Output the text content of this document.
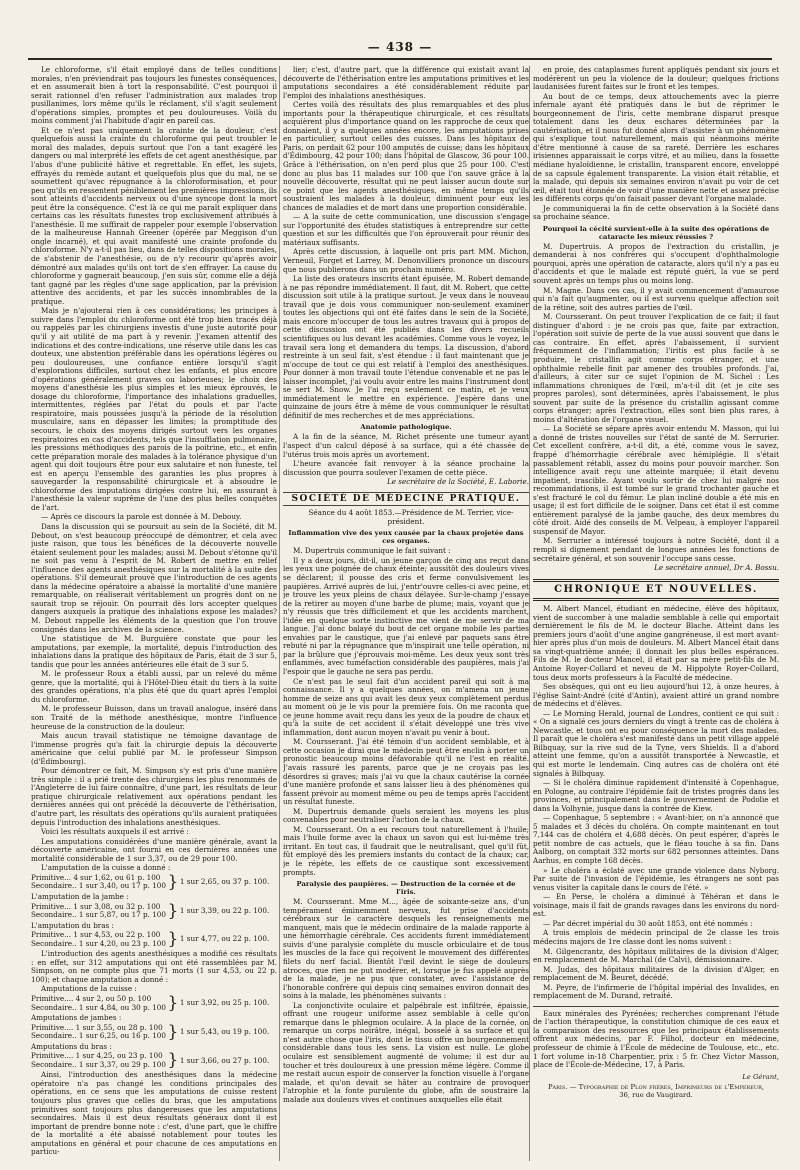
— 438 —

Le chloroforme, s'il était employé dans de telles conditions morales, n'en préviendrait pas toujours les funestes conséquences, et en assumerait bien à tort la responsabilité. C'est pourquoi il serait rationnel d'en refuser l'administration aux malades trop pusillanimes, lors même qu'ils le réclament, s'il s'agit seulement d'opérations simples, promptes et peu douloureuses. Voilà du moins comment j'ai l'habitude d'agir en pareil cas.

Et ce n'est pas uniquement la crainte de la douleur, c'est quelquefois aussi la crainte du chloroforme qui peut troubler le moral des malades, depuis surtout que l'on a tant exagéré les dangers ou mal interprété les effets de cet agent anesthésique, par l'abus d'une publicité hâtive et regrettable. En effet, les sujets, effrayés du remède autant et quelquefois plus que du mal, ne se soumettent qu'avec répugnance à la chloroformisation, et pour peu qu'ils en ressentent péniblement les premières impressions, ils sont atteints d'accidents nerveux ou d'une syncope dont la mort peut être la conséquence. C'est là ce qui me paraît expliquer dans certains cas les résultats funestes trop exclusivement attribués à l'anesthésie. Il me suffirait de rappeler pour exemple l'observation de la malheureuse Hannah Greener (opérée par Meggison d'un ongle incarné), et qui avait manifesté une crainte profonde du chloroforme. N'y a-t-il pas lieu, dans de telles dispositions morales, de s'abstenir de l'anesthésie, ou de n'y recourir qu'après avoir démontré aux malades qu'ils ont tort de s'en effrayer. La cause du chloroforme y gagnerait beaucoup, j'en suis sûr, comme elle a déjà tant gagné par les règles d'une sage application, par la prévision attentive des accidents, et par les succès innombrables de la pratique.

Mais je n'ajouterai rien à ces considérations; les principes à suivre dans l'emploi du chloroforme ont été trop bien tracés déjà ou rappelés par les chirurgiens investis d'une juste autorité pour qu'il y ait utilité de ma part à y revenir. J'examen attentif des indications et des contre-indications, une réserve utile dans les cas douteux, une abstention préférable dans les opérations légères ou peu douloureuses, une confiance entière lorsqu'il s'agit d'explorations difficiles, surtout chez les enfants, et plus encore d'opérations généralement graves ou laborieuses; le choix des moyens d'anesthésie les plus simples et les mieux éprouvés, le dosage du chloroforme, l'importance des inhalations graduelles, intermittentes, réglées par l'état du pouls et par l'acte respiratoire, mais poussées jusqu'à la période de la résolution musculaire, sans en dépasser les limites; la promptitude des secours, le choix des moyens dirigés surtout vers les organes respiratoires en cas d'accidents, tels que l'insufflation pulmonaire, les pressions méthodiques des parois de la poitrine, etc., et enfin cette préparation morale des malades à la tolérance physique d'un agent qui doit toujours être pour eux salutaire et non funeste, tel est en aperçu l'ensemble des garanties les plus propres à sauvegarder la responsabilité chirurgicale et à absoudre le chloroforme des imputations dirigées contre lui, en assurant à l'anesthésie la valeur suprême de l'une des plus belles conquêtes de l'art.

— Après ce discours la parole est donnée à M. Debouy.

Dans la discussion qui se poursuit au sein de la Société, dit M. Debout, on s'est beaucoup préoccupé de démontrer, et cela avec juste raison, que tous les bénéfices de la découverte nouvelle étaient seulement pour les malades; aussi M. Debout s'étonne qu'il ne soit pas venu à l'esprit de M. Robert de mettre en relief l'influence des agents anesthésiques sur la mortalité à la suite des opérations. S'il demeurait prouvé que l'introduction de ces agents dans la médecine opératoire a abaissé la mortalité d'une manière remarquable, on réaliserait véritablement un progrès dont on ne saurait trop se réjouir. On pourrait dès lors accepter quelques dangers auxquels la pratique des inhalations expose les malades? M. Debout rappelle les éléments de la question que l'on trouve consignés dans les archives de la science.

Une statistique de M. Burguière constate que pour les amputations, par exemple, la mortalité, depuis l'introduction des inhalations dans la pratique des hôpitaux de Paris, était de 3 sur 5, tandis que pour les années antérieures elle était de 3 sur 5.

M. le professeur Roux a établi aussi, par un relevé du même genre, que la mortalité, qui à l'Hôtel-Dieu était du tiers à la suite des grandes opérations, n'a plus été que du quart après l'emploi du chloroforme.

M. le professeur Buisson, dans un travail analogue, inséré dans son Traité de la méthode anesthésique, montre l'influence heureuse de la construction de la douleur.

Mais aucun travail statistique ne témoigne davantage de l'immense progrès qu'a fait la chirurgie depuis la découverte américaine que celui publié par M. le professeur Simpson (d'Édimbourg).

Pour démontrer ce fait, M. Simpson s'y est pris d'une manière très simple : il a prié trente des chirurgiens les plus renommés de l'Angleterre de lui faire connaître, d'une part, les résultats de leur pratique chirurgicale relativement aux opérations pendant les dernières années qui ont précédé la découverte de l'éthérisation, d'autre part, les résultats des opérations qu'ils auraient pratiquées depuis l'introduction des inhalations anesthésiques.

Voici les résultats auxquels il est arrivé :

Les amputations considérées d'une manière générale, avant la découverte américaine, ont fourni en ces dernières années une mortalité considérable de 1 sur 3,37, ou de 29 pour 100.

L'amputation de la cuisse a donné :

Primitive... 4 sur 1,62, ou 61 p. 100
Secondaire.. 1 sur 3,40, ou 17 p. 100 } 1 sur 2,65, ou 37 p. 100.

L'amputation de la jambe :

Primitive... 1 sur 3,08, ou 32 p. 100
Secondaire.. 1 sur 5,87, ou 17 p. 100 } 1 sur 3,39, ou 22 p. 100.

L'amputation du bras :

Primitive... 1 sur 4,53, ou 22 p. 100
Secondaire.. 1 sur 4,20, ou 23 p. 100 } 1 sur 4,77, ou 22 p. 100.

L'introduction des agents anesthésiques a modifié ces résultats : en effet, sur 312 amputations qui ont été rassemblées par M. Simpson, on ne compte plus que 71 morts (1 sur 4,53, ou 22 p. 100); et chaque amputation a donné :

Amputations de la cuisse :

Primitive.... 4 sur 2, ou 50 p. 100
Secondaire.. 1 sur 4,84, ou 30 p. 100 } 1 sur 3,92, ou 25 p. 100.

Amputations de jambes :

Primitive.... 1 sur 3,55, ou 28 p. 100
Secondaire.. 1 sur 6,25, ou 16 p. 100 } 1 sur 5,43, ou 19 p. 100.

Amputations du bras :

Primitive.... 1 sur 4,25, ou 23 p. 100
Secondaire.. 1 sur 3,37, ou 29 p. 100 } 1 sur 3,66, ou 27 p. 100.

Ainsi, l'introduction des anesthésiques dans la médecine opératoire n'a pas changé les conditions principales des opérations, en ce sens que les amputations de cuisse restent toujours plus graves que celles du bras, que les amputations primitives sont toujours plus dangereuses que les amputations secondaires. Mais il est deux résultats généraux dont il est important de prendre bonne note : c'est, d'une part, que le chiffre de la mortalité a été abaissé notablement pour toutes les amputations en général et pour chacune de ces amputations en particu-

lier; c'est, d'autre part, que la différence qui existait avant la découverte de l'éthérisation entre les amputations primitives et les amputations secondaires a été considérablement réduite par l'emploi des inhalations anesthésiques.

Certes voilà des résultats des plus remarquables et des plus importants pour la thérapeutique chirurgicale, et ces résultats acquièrent plus d'importance quand on les rapproche de ceux que donnaient, il y a quelques années encore, les amputations prises en particulier, surtout celles des cuisses. Dans les hôpitaux de Paris, on perdait 62 pour 100 amputés de cuisse; dans les hôpitaux d'Édimbourg, 42 pour 100; dans l'hôpital de Glascow, 36 pour 100. Grâce à l'éthérisation, on n'en perd plus que 25 pour 100. C'est donc au plus bas 11 malades sur 100 que l'on sauve grâce à la nouvelle découverte, résultat qui ne peut laisser aucun doute sur ce point que les agents anesthésiques, en même temps qu'ils soustraient les malades à la douleur, diminuent pour eux les chances de maladies et de mort dans une proportion considérable.

— A la suite de cette communication, une discussion s'engage sur l'opportunité des études statistiques à entreprendre sur cette question et sur les difficultés que l'on éprouverait pour réunir des matériaux suffisants.

Après cette discussion, à laquelle ont pris part MM. Michon, Verneuil, Forget et Larrey, M. Denonvilliers prononce un discours que nous publierons dans un prochain numéro.

La liste des orateurs inscrits étant épuisée, M. Robert demande à ne pas répondre immédiatement. Il faut, dit M. Robert, que cette discussion soit utile à la pratique surtout. Je veux dans le nouveau travail que je dois vous communiquer non-seulement examiner toutes les objections qui ont été faites dans le sein de la Société, mais encore m'occuper de tous les autres travaux qui à propos de cette discussion ont été publiés dans les divers recueils scientifiques ou lus devant les académies. Comme vous le voyez, le travail sera long et demandera du temps. La discussion, d'abord restreinte à un seul fait, s'est étendue : il faut maintenant que je m'occupe de tout ce qui est relatif à l'emploi des anesthésiques. Pour donner à mon travail toute l'étendue convenable et ne pas le laisser incomplet, j'ai voulu avoir entre les mains l'instrument dont se sert M. Snow. Je l'ai reçu seulement ce matin, et je veux immédiatement le mettre en expérience. J'espère dans une quinzaine de jours être à même de vous communiquer le résultat définitif de mes recherches et de mes appréciations.

Anatomie pathologique.

A la fin de la séance, M. Richet présente une tumeur ayant l'aspect d'un calcul déposé à sa surface, qui a été chassée de l'utérus trois mois après un avortement.

L'heure avancée fait renvoyer à la séance prochaine la discussion que pourra soulever l'examen de cette pièce.

Le secrétaire de la Société, E. Laborie.
SOCIÉTÉ DE MÉDECINE PRATIQUE.

Séance du 4 août 1853.—Présidence de M. Terrier, vice-président.

Inflammation vive des yeux causée par la chaux projetée dans ces organes.

M. Dupertruis communique le fait suivant :

Il y a deux jours, dit-il, un jeune garçon de cinq ans reçut dans les yeux une poignée de chaux éteinte; aussitôt des douleurs vives se déclarent; il pousse des cris et ferme convulsivement les paupières. Arrivé auprès de lui, j'entr'ouvre celles-ci avec peine, et je trouve les yeux pleins de chaux délayée. Sur-le-champ j'essaye de la retirer au moyen d'une barbe de plume; mais, voyant que je n'y réussis que très difficilement et que les accidents marchent, l'idée en quelque sorte instinctive me vient de me servir de ma langue. J'ai donc balayé du bout de cet organe mobile les parties envahies par le caustique, que j'ai enlevé par paquets sans être rebuté ni par la répugnance que m'inspirait une telle opération, ni par la brûlure que j'éprouvais moi-même. Les deux yeux sont très enflammés, avec tuméfaction considérable des paupières, mais j'ai l'espoir que le gauche ne sera pas perdu.

Ce n'est pas le seul fait d'un accident pareil qui soit à ma connaissance. Il y a quelques années, on m'amena un jeune homme de seize ans qui avait les deux yeux complètement perdus au moment où je le vis pour la première fois. On me raconta que ce jeune homme avait reçu dans les yeux de la poudre de chaux et qu'à la suite de cet accident il s'était développé une très vive inflammation, dont aucun moyen n'avait pu venir à bout.

M. Coursserant. J'ai été témoin d'un accident semblable, et à cette occasion je dirai que le médecin peut être enclin à porter un pronostic beaucoup moins défavorable qu'il ne l'est en réalité. J'avais rassuré les parents, parce que je ne croyais pas les désordres si graves; mais j'ai vu que la chaux cautérise la cornée d'une manière profonde et sans laisser lieu à des phénomènes qui fassent prévoir au moment même ou peu de temps après l'accident un résultat funeste.

M. Dupertruis demande quels seraient les moyens les plus convenables pour neutraliser l'action de la chaux.

M. Coursserant. On a eu recours tout naturellement à l'huile; mais l'huile forme avec la chaux un savon qui est lui-même très irritant. En tout cas, il faudrait que le neutralisant, quel qu'il fût, fût employé dès les premiers instants du contact de la chaux; car, je le répète, les effets de ce caustique sont excessivement prompts.

Paralysie des paupières. — Destruction de la cornée et de l'iris.

M. Coursserant. Mme M..., âgée de soixante-seize ans, d'un tempérament éminemment nerveux, fut prise d'accidents cérébraux sur le caractère desquels les renseignements me manquent, mais que le médecin ordinaire de la malade rapporte à une hémorrhagie cérébrale. Ces accidents furent immédiatement suivis d'une paralysie complète du muscle orbiculaire et de tous les muscles de la face qui reçoivent le mouvement des différentes filets du nerf facial. Bientôt l'œil devint le siège de douleurs atroces, que rien ne put modérer, et, lorsque je fus appelé auprès de la malade, je ne pus que constater, avec l'assistance de l'honorable confrère qui depuis cinq semaines environ donnait des soins à la malade, les phénomènes suivants :

La conjonctivite oculaire et palpébrale est infiltrée, épaissie, offrant une rougeur uniforme assez semblable à celle qu'on remarque dans le phlegmon oculaire. A la place de la cornée, on remarque un corps noirâtre, inégal, bosselé à sa surface et qui n'est autre chose que l'iris, dont le tissu offre un bourgeonnement considérable dans tous les sens. La vision est nulle. Le globe oculaire est sensiblement augmenté de volume; il est dur au toucher et très douloureux à une pression même légère. Comme il me restait aucun espoir de conserver la fonction visuelle à l'organe malade, et qu'on devait se hâter au contraire de provoquer l'atrophie et la fonte purulente du globe, afin de soustraire la malade aux douleurs vives et continues auxquelles elle était

en proie, des cataplasmes furent appliqués pendant six jours et modérèrent un peu la violence de la douleur; quelques frictions laudanisées furent faites sur le front et les tempes.

Au bout de ce temps, deux attouchements avec la pierre infernale ayant été pratiqués dans le but de réprimer le bourgeonnement de l'iris, cette membrane disparut presque totalement dans les deux eschares déterminées par la cautérisation, et il nous fut donné alors d'assister à un phénomène qui s'explique tout naturellement, mais qui néanmoins mérite d'être mentionné à cause de sa rareté. Derrière les eschares irisiennes apparaissait le corps vitré, et au milieu, dans la fossette médiane hyaloïdienne, le cristallin, transparent encore, enveloppé de sa capsule également transparente. La vision était rétablie, et la malade, qui depuis six semaines environ n'avait pu voir de cet œil, était tout étonnée de voir d'une manière nette et assez précise les différents corps qu'on faisait passer devant l'organe malade.

Je communiquerai la fin de cette observation à la Société dans sa prochaine séance.

Pourquoi la cécité survient-elle à la suite des opérations de cataracte les mieux réussies ?

M. Dupertruis. A propos de l'extraction du cristallin, je demanderai à nos confrères qui s'occupent d'ophthalmologie pourquoi, après une opération de cataracte, alors qu'il n'y a pas eu d'accidents et que le malade est réputé guéri, la vue se perd souvent après un temps plus ou moins long.

M. Magne. Dans ces cas, il y avait commencement d'amaurose qui n'a fait qu'augmenter, ou il est survenu quelque affection soit de la rétine, soit des autres parties de l'œil.

M. Coursserant. On peut trouver l'explication de ce fait; il faut distinguer d'abord : je ne crois pas que, faite par extraction, l'opération soit suivie de perte de la vue aussi souvent que dans le cas contraire. En effet, après l'abaissement, il survient fréquemment de l'inflammation; l'iritis est plus facile à se produire, le cristallin agit comme corps étranger, et une ophthalmie rebelle finit par amener des troubles profonds. J'ai, d'ailleurs, à citer sur ce sujet l'opinion de M. Sichel : Les inflammations chroniques de l'œil, m'a-t-il dit (et je cite ses propres paroles), sont déterminées, après l'abaissement, le plus souvent par suite de la présence du cristallin agissant comme corps étranger; après l'extraction, elles sont bien plus rares, à moins d'altération de l'organe visuel.

— La Société se sépare après avoir entendu M. Masson, qui lui a donné de tristes nouvelles sur l'état de santé de M. Serrurier. Cet excellent confrère, a-t-il dit, a été, comme vous le savez, frappé d'hémorrhagie cérébrale avec hémiplégie. Il s'était passablement rétabli, assez du moins pour pouvoir marcher. Son intelligence avait reçu une atteinte marquée; il était devenu impatient, irascible. Ayant voulu sortir de chez lui malgré nos recommandations, il est tombé sur le grand trochanter gauche et s'est fracturé le col du fémur. Le plan incliné double a été mis en usage; il est fort difficile de le soigner. Dans cet état il est comme entièrement paralysé de la jambe gauche, des deux membres du côté droit. Aidé des conseils de M. Velpeau, à employer l'appareil suspensif de Mayor.

M. Serrurier a intéressé toujours à notre Société, dont il a rempli si dignement pendant de longues années les fonctions de secrétaire général, et son souvenir l'occupe sans cesse.

Le secrétaire annuel, Dr A. Bossu.
CHRONIQUE ET NOUVELLES.

M. Albert Mancel, étudiant en médecine, élève des hôpitaux, vient de succomber à une maladie semblable à celle qui emportait dernièrement le fils de M. le docteur Blache. Atteint dans les premiers jours d'août d'une angine gangréneuse, il est mort avant-hier après plus d'un mois de douleurs. M. Albert Mancel était dans sa vingt-quatrième année; il donnait les plus belles espérances. Fils de M. le docteur Mancel, il était par sa mère petit-fils de M. Antoine Royer-Collard et neveu de M. Hippolyte Royer-Collard, tous deux morts professeurs à la Faculté de médecine.

Ses obsèques, qui ont eu lieu aujourd'hui 12, à onze heures, à l'église Saint-André (cité d'Antin), avaient attiré un grand nombre de médecins et d'élèves.

— Le Morning Herald, journal de Londres, contient ce qui suit : « On a signalé ces jours derniers du vingt à trente cas de choléra à Newcastle, et tous ont eu pour conséquence la mort des malades. Il paraît que le choléra s'est manifesté dans un petit village appelé Bilbquay, sur la rive sud de la Tyne, vers Shields. Il a d'abord atteint une femme, qu'on a aussitôt transportée à Newcastle, et qui est morte le lendemain. Cinq autres cas de choléra ont été signalés à Bilbquay.

— Si le choléra diminue rapidement d'intensité à Copenhague, en Pologne, au contraire l'épidémie fait de tristes progrès dans les provinces, et principalement dans le gouvernement de Podolie et dans la Volhynie, jusque dans la contrée de Kiew.

— Copenhague, 5 septembre : « Avant-hier, on n'a annoncé que 5 malades et 3 décès du choléra. On compte maintenant en tout 7,144 cas de choléra et 4,688 décès. On peut espérer, d'après le petit nombre de cas actuels, que le fléau touche à sa fin. Dans Aalborg, on comptait 332 morts sur 682 personnes atteintes. Dans Aarhus, en compte 168 décès.

» Le choléra a éclaté avec une grande violence dans Nyborg. Par suite de l'invasion de l'épidémie, les étrangers ne sont pas venus visiter la capitale dans le cours de l'été. »

— En Perse, le choléra a diminué à Téhéran et dans le voisinage, mais il fait de grands ravages dans les environs du nord-est.

— Par décret impérial du 30 août 1853, ont été nommés :

A trois emplois de médecin principal de 2e classe les trois médecins majors de 1re classe dont les noms suivent :

M. Gilgencrantz, des hôpitaux militaires de la division d'Alger, en remplacement de M. Marchal (de Calvi), démissionnaire.

M. Judas, des hôpitaux militaires de la division d'Alger, en remplacement de M. Beuret, décédé.

M. Peyre, de l'infirmerie de l'hôpital impérial des Invalides, en remplacement de M. Durand, retraité.

Eaux minérales des Pyrénées; recherches comprenant l'étude de l'action thérapeutique, la constitution chimique de ces eaux et la comparaison des ressources que les principaux établissements offrent aux médecins, par F. Filhol, docteur en médecine, professeur de chimie à l'École de médecine de Toulouse, etc., etc. 1 fort volume in-18 Charpentier, prix : 5 fr. Chez Victor Masson, place de l'École-de-Médecine, 17, à Paris.

Le Gérant,
Paris. — Typographie de Plon frères, Imprimeurs de l'Empereur,
36, rue de Vaugirard.
